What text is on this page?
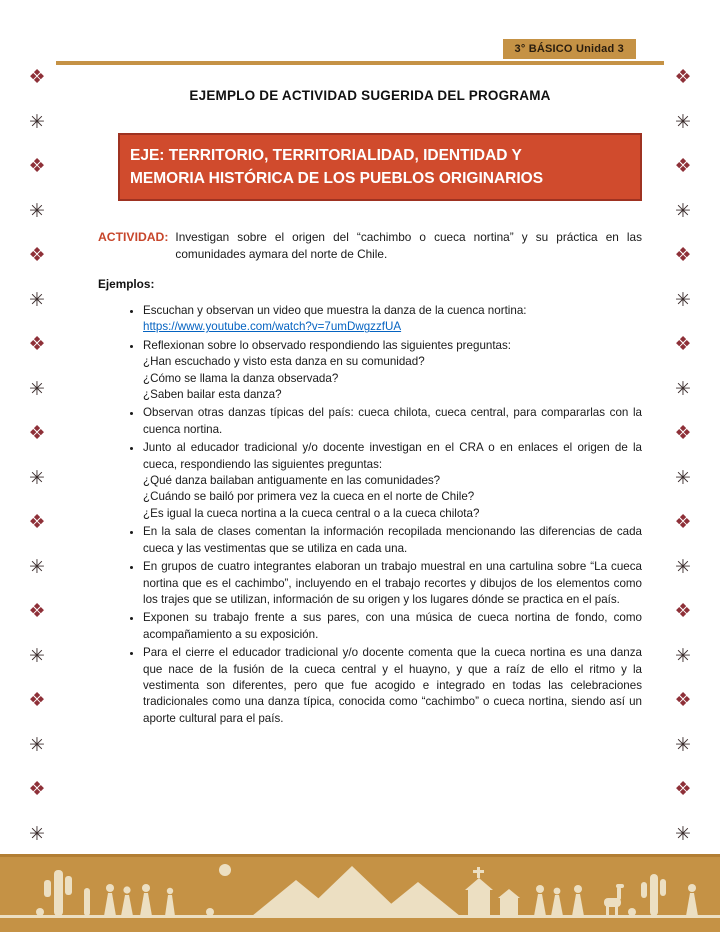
3° BÁSICO Unidad 3
❖
✳
❖
✳
❖
✳
❖
✳
❖
✳
❖
✳
❖
✳
❖
✳
❖
✳
❖
✳
❖
✳
❖
✳
❖
✳
❖
✳
❖
✳
❖
✳
❖
✳
❖
✳
EJEMPLO DE ACTIVIDAD SUGERIDA DEL PROGRAMA
EJE: TERRITORIO, TERRITORIALIDAD, IDENTIDAD Y
MEMORIA HISTÓRICA DE LOS PUEBLOS ORIGINARIOS
ACTIVIDAD: Investigan sobre el origen del “cachimbo o cueca nortina” y su práctica en las comunidades aymara del norte de Chile.

Ejemplos:

• Escuchan y observan un video que muestra la danza de la cuenca nortina:
https://www.youtube.com/watch?v=7umDwgzzfUA
• Reflexionan sobre lo observado respondiendo las siguientes preguntas:
¿Han escuchado y visto esta danza en su comunidad?
¿Cómo se llama la danza observada?
¿Saben bailar esta danza?
• Observan otras danzas típicas del país: cueca chilota, cueca central, para compararlas con la cuenca nortina.
• Junto al educador tradicional y/o docente investigan en el CRA o en enlaces el origen de la cueca, respondiendo las siguientes preguntas:
¿Qué danza bailaban antiguamente en las comunidades?
¿Cuándo se bailó por primera vez la cueca en el norte de Chile?
¿Es igual la cueca nortina a la cueca central o a la cueca chilota?
• En la sala de clases comentan la información recopilada mencionando las diferencias de cada cueca y las vestimentas que se utiliza en cada una.
• En grupos de cuatro integrantes elaboran un trabajo muestral en una cartulina sobre “La cueca nortina que es el cachimbo”, incluyendo en el trabajo recortes y dibujos de los elementos como los trajes que se utilizan, información de su origen y los lugares dónde se practica en el país.
• Exponen su trabajo frente a sus pares, con una música de cueca nortina de fondo, como acompañamiento a su exposición.
• Para el cierre el educador tradicional y/o docente comenta que la cueca nortina es una danza que nace de la fusión de la cueca central y el huayno, y que a raíz de ello el ritmo y la vestimenta son diferentes, pero que fue acogido e integrado en todas las celebraciones tradicionales como una danza típica, conocida como “cachimbo” o cueca nortina, siendo así un aporte cultural para el país.
